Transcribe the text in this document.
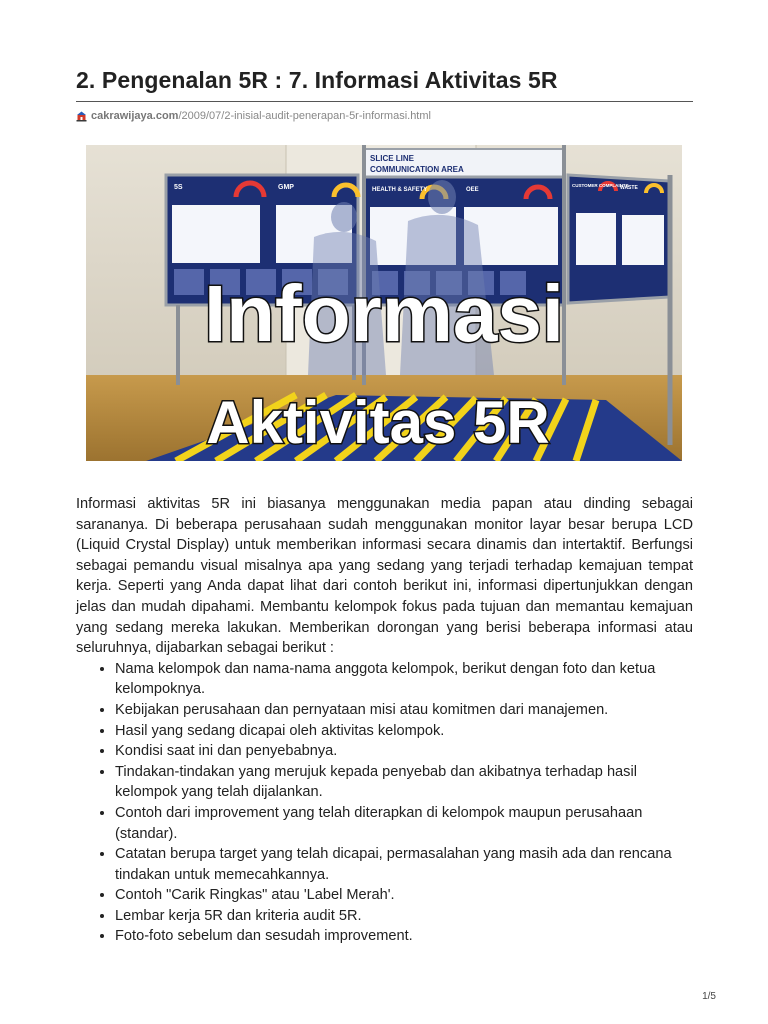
2. Pengenalan 5R : 7. Informasi Aktivitas 5R
cakrawijaya.com /2009/07/2-inisial-audit-penerapan-5r-informasi.html
5S	GMP
SLICE LINE
COMMUNICATION AREA
HEALTH & SAFETY	OEE
CUSTOMER COMPLAINTS
WASTE
Informasi
Aktivitas 5R

Informasi aktivitas 5R ini biasanya menggunakan media papan atau dinding sebagai sarananya. Di beberapa perusahaan sudah menggunakan monitor layar besar berupa LCD (Liquid Crystal Display) untuk memberikan informasi secara dinamis dan intertaktif. Berfungsi sebagai pemandu visual misalnya apa yang sedang yang terjadi terhadap kemajuan tempat kerja. Seperti yang Anda dapat lihat dari contoh berikut ini, informasi dipertunjukkan dengan jelas dan mudah dipahami. Membantu kelompok fokus pada tujuan dan memantau kemajuan yang sedang mereka lakukan. Memberikan dorongan yang berisi beberapa informasi atau seluruhnya, dijabarkan sebagai berikut :

• Nama kelompok dan nama-nama anggota kelompok, berikut dengan foto dan ketua kelompoknya.
• Kebijakan perusahaan dan pernyataan misi atau komitmen dari manajemen.
• Hasil yang sedang dicapai oleh aktivitas kelompok.
• Kondisi saat ini dan penyebabnya.
• Tindakan-tindakan yang merujuk kepada penyebab dan akibatnya terhadap hasil kelompok yang telah dijalankan.
• Contoh dari improvement yang telah diterapkan di kelompok maupun perusahaan (standar).
• Catatan berupa target yang telah dicapai, permasalahan yang masih ada dan rencana tindakan untuk memecahkannya.
• Contoh "Carik Ringkas" atau 'Label Merah'.
• Lembar kerja 5R dan kriteria audit 5R.
• Foto-foto sebelum dan sesudah improvement.
1/5
